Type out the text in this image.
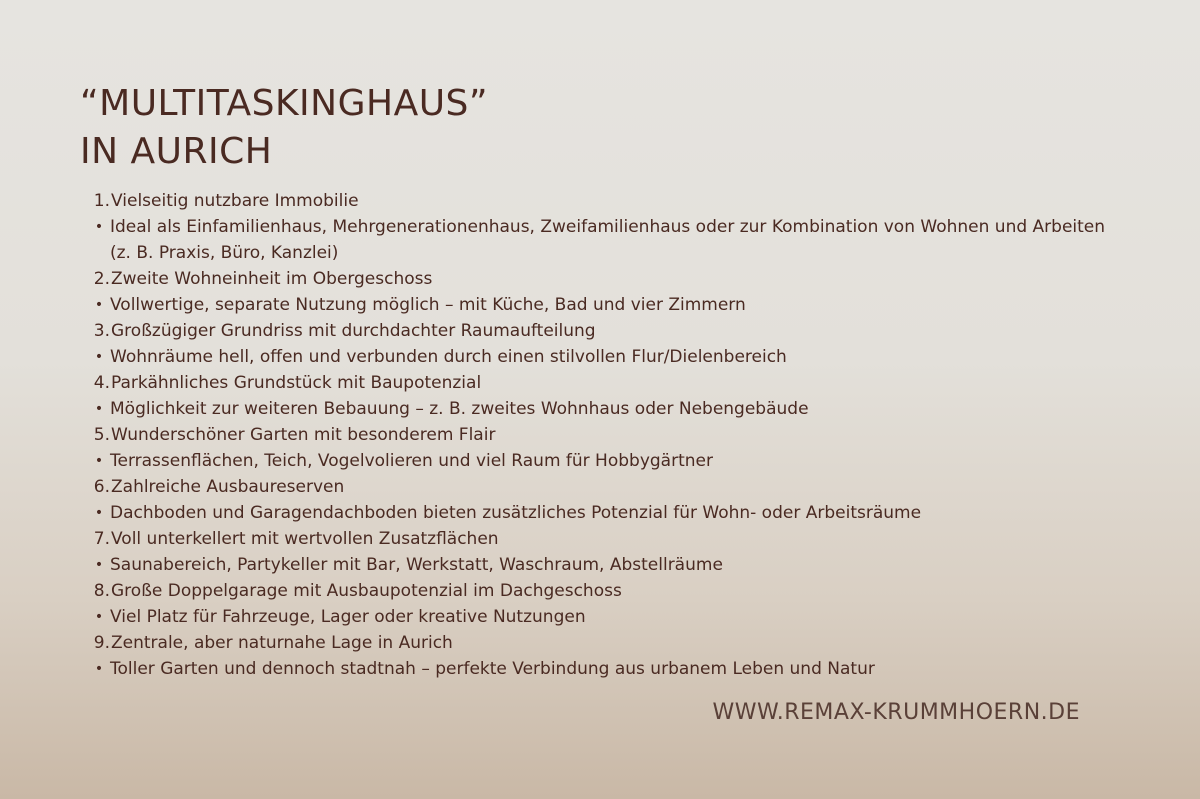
“MULTITASKINGHAUS”
IN AURICH
1. Vielseitig nutzbare Immobilie
• Ideal als Einfamilienhaus, Mehrgenerationenhaus, Zweifamilienhaus oder zur Kombination von Wohnen und Arbeiten (z. B. Praxis, Büro, Kanzlei)
2. Zweite Wohneinheit im Obergeschoss
• Vollwertige, separate Nutzung möglich – mit Küche, Bad und vier Zimmern
3. Großzügiger Grundriss mit durchdachter Raumaufteilung
• Wohnräume hell, offen und verbunden durch einen stilvollen Flur/Dielenbereich
4. Parkähnliches Grundstück mit Baupotenzial
• Möglichkeit zur weiteren Bebauung – z. B. zweites Wohnhaus oder Nebengebäude
5. Wunderschöner Garten mit besonderem Flair
• Terrassenflächen, Teich, Vogelvolieren und viel Raum für Hobbygärtner
6. Zahlreiche Ausbaureserven
• Dachboden und Garagendachboden bieten zusätzliches Potenzial für Wohn- oder Arbeitsräume
7. Voll unterkellert mit wertvollen Zusatzflächen
• Saunabereich, Partykeller mit Bar, Werkstatt, Waschraum, Abstellräume
8. Große Doppelgarage mit Ausbaupotenzial im Dachgeschoss
• Viel Platz für Fahrzeuge, Lager oder kreative Nutzungen
9. Zentrale, aber naturnahe Lage in Aurich
• Toller Garten und dennoch stadtnah – perfekte Verbindung aus urbanem Leben und Natur
WWW.REMAX-KRUMMHOERN.DE
